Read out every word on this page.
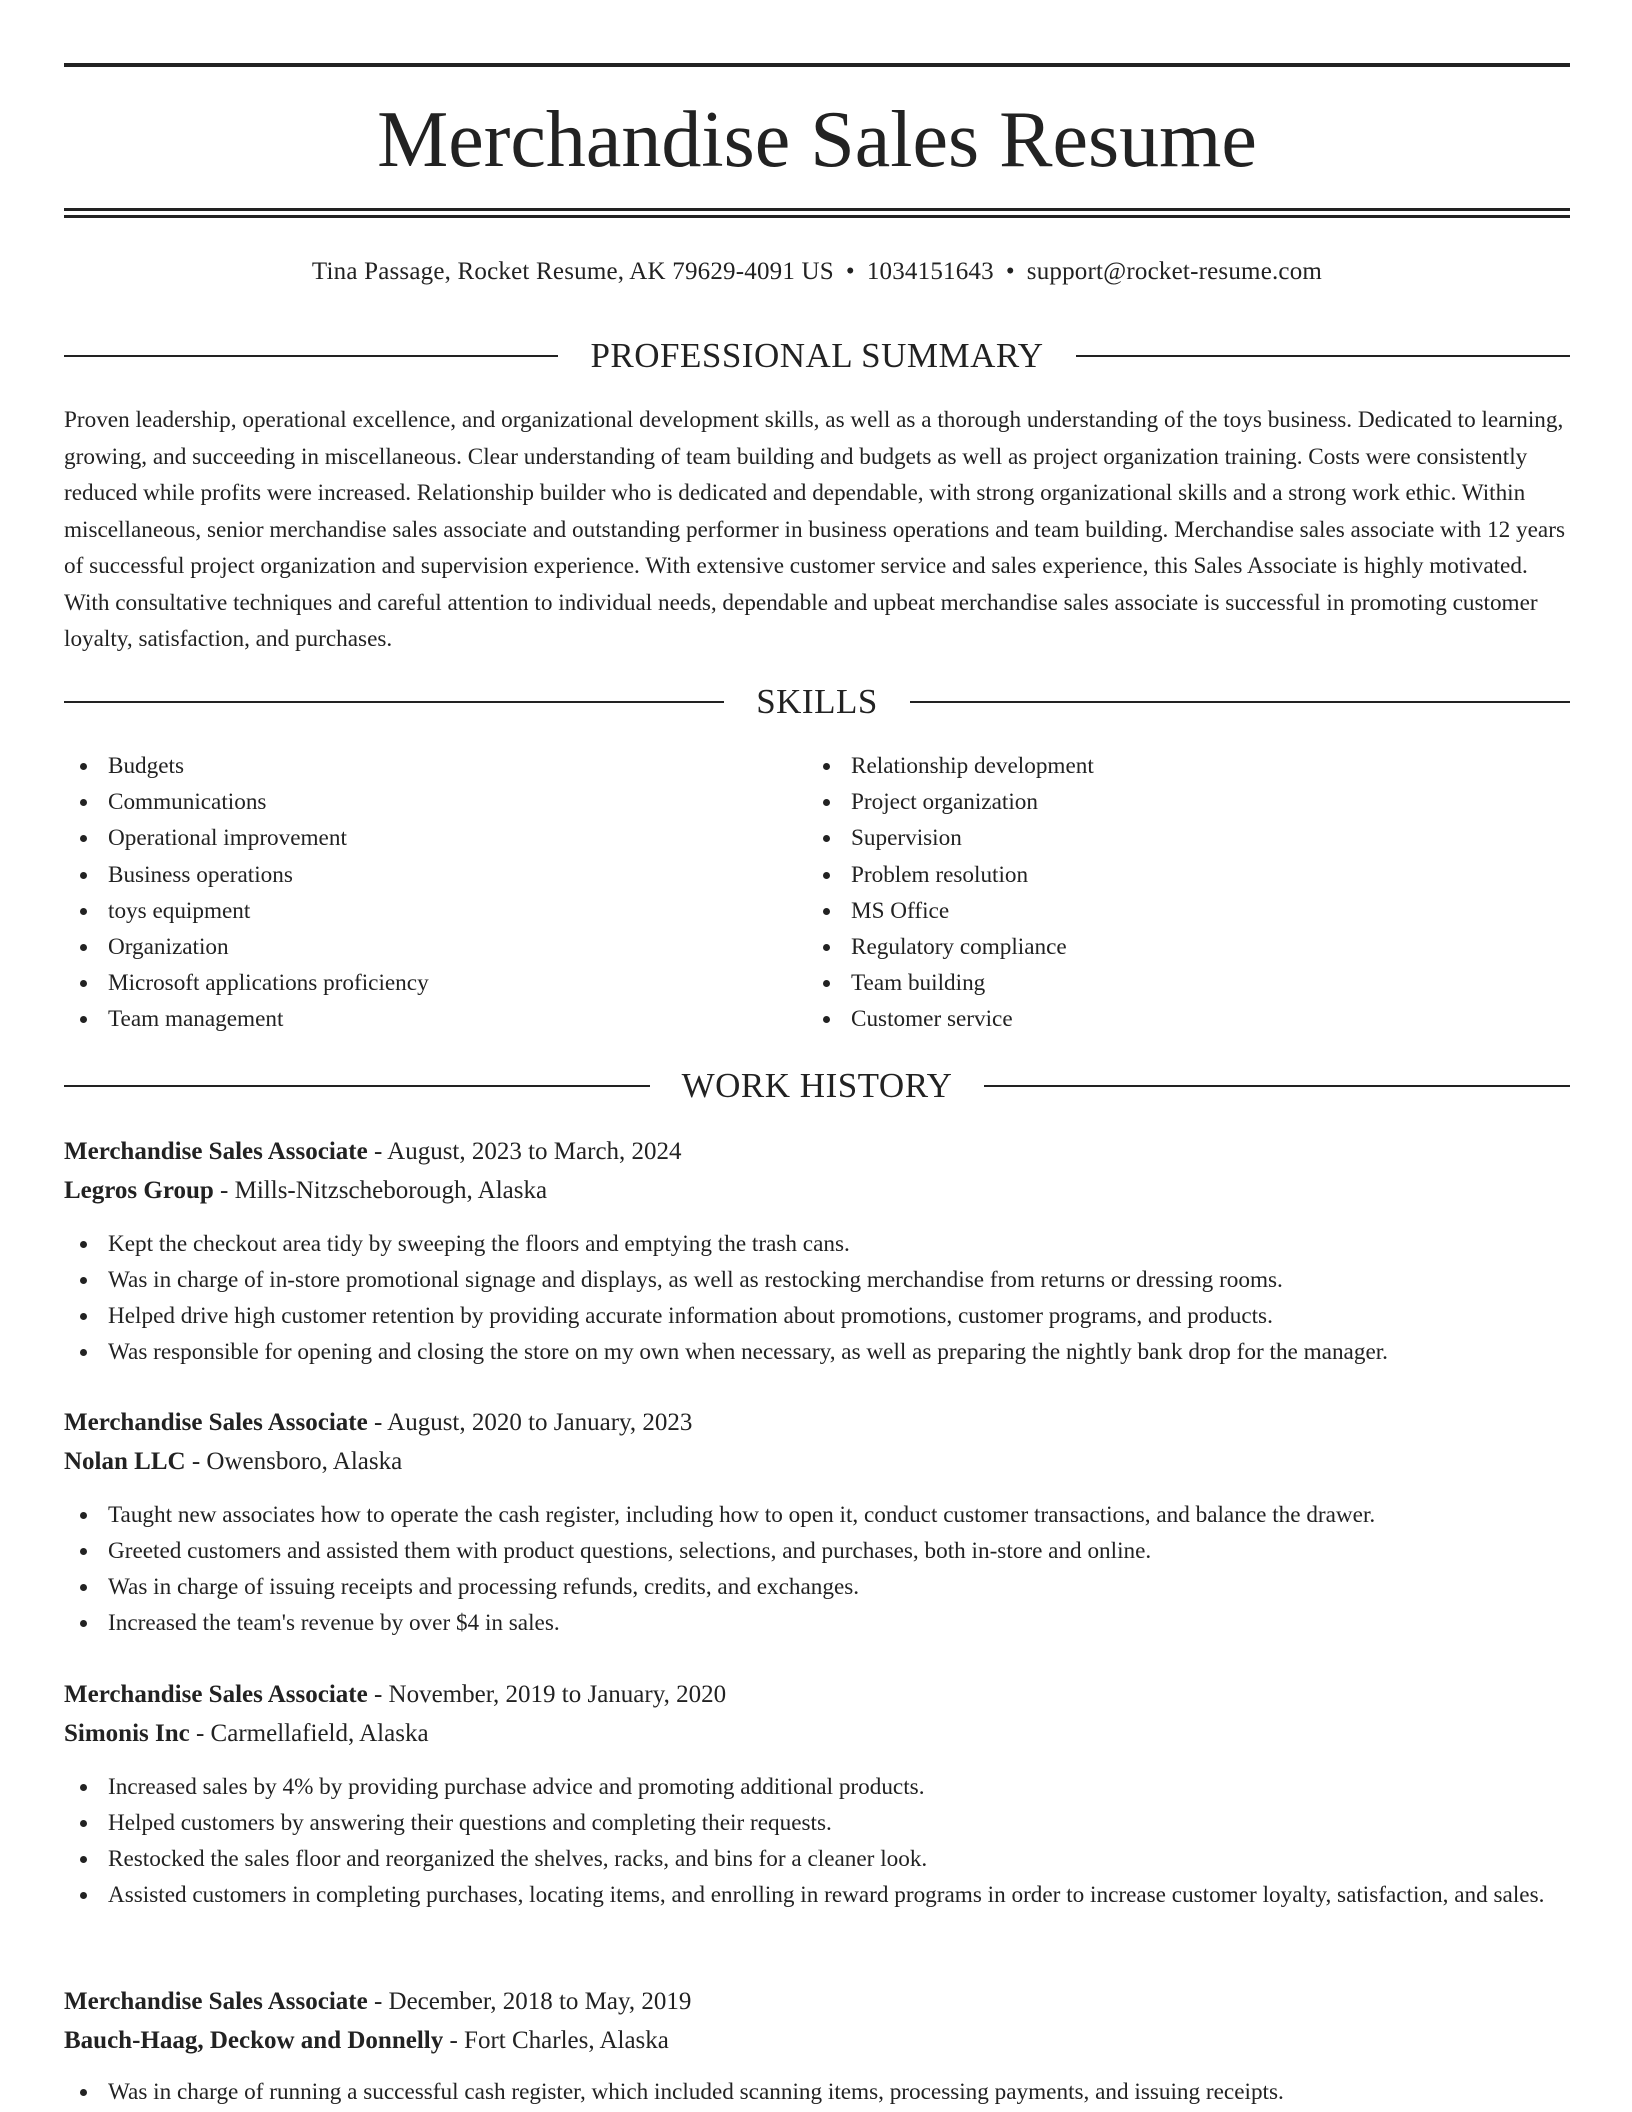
Merchandise Sales Resume
Tina Passage, Rocket Resume, AK 79629-4091 US • 1034151643 • support@rocket-resume.com
PROFESSIONAL SUMMARY

Proven leadership, operational excellence, and organizational development skills, as well as a thorough understanding of the toys business. Dedicated to learning, growing, and succeeding in miscellaneous. Clear understanding of team building and budgets as well as project organization training. Costs were consistently reduced while profits were increased. Relationship builder who is dedicated and dependable, with strong organizational skills and a strong work ethic. Within miscellaneous, senior merchandise sales associate and outstanding performer in business operations and team building. Merchandise sales associate with 12 years of successful project organization and supervision experience. With extensive customer service and sales experience, this Sales Associate is highly motivated. With consultative techniques and careful attention to individual needs, dependable and upbeat merchandise sales associate is successful in promoting customer loyalty, satisfaction, and purchases.

SKILLS
Budgets
Communications
Operational improvement
Business operations
toys equipment
Organization
Microsoft applications proficiency
Team management
Relationship development
Project organization
Supervision
Problem resolution
MS Office
Regulatory compliance
Team building
Customer service
WORK HISTORY
Merchandise Sales Associate - August, 2023 to March, 2024
Legros Group - Mills-Nitzscheborough, Alaska
Kept the checkout area tidy by sweeping the floors and emptying the trash cans.
Was in charge of in-store promotional signage and displays, as well as restocking merchandise from returns or dressing rooms.
Helped drive high customer retention by providing accurate information about promotions, customer programs, and products.
Was responsible for opening and closing the store on my own when necessary, as well as preparing the nightly bank drop for the manager.
Merchandise Sales Associate - August, 2020 to January, 2023
Nolan LLC - Owensboro, Alaska
Taught new associates how to operate the cash register, including how to open it, conduct customer transactions, and balance the drawer.
Greeted customers and assisted them with product questions, selections, and purchases, both in-store and online.
Was in charge of issuing receipts and processing refunds, credits, and exchanges.
Increased the team's revenue by over $4 in sales.
Merchandise Sales Associate - November, 2019 to January, 2020
Simonis Inc - Carmellafield, Alaska
Increased sales by 4% by providing purchase advice and promoting additional products.
Helped customers by answering their questions and completing their requests.
Restocked the sales floor and reorganized the shelves, racks, and bins for a cleaner look.
Assisted customers in completing purchases, locating items, and enrolling in reward programs in order to increase customer loyalty, satisfaction, and sales.
Merchandise Sales Associate - December, 2018 to May, 2019
Bauch-Haag, Deckow and Donnelly - Fort Charles, Alaska
Was in charge of running a successful cash register, which included scanning items, processing payments, and issuing receipts.
